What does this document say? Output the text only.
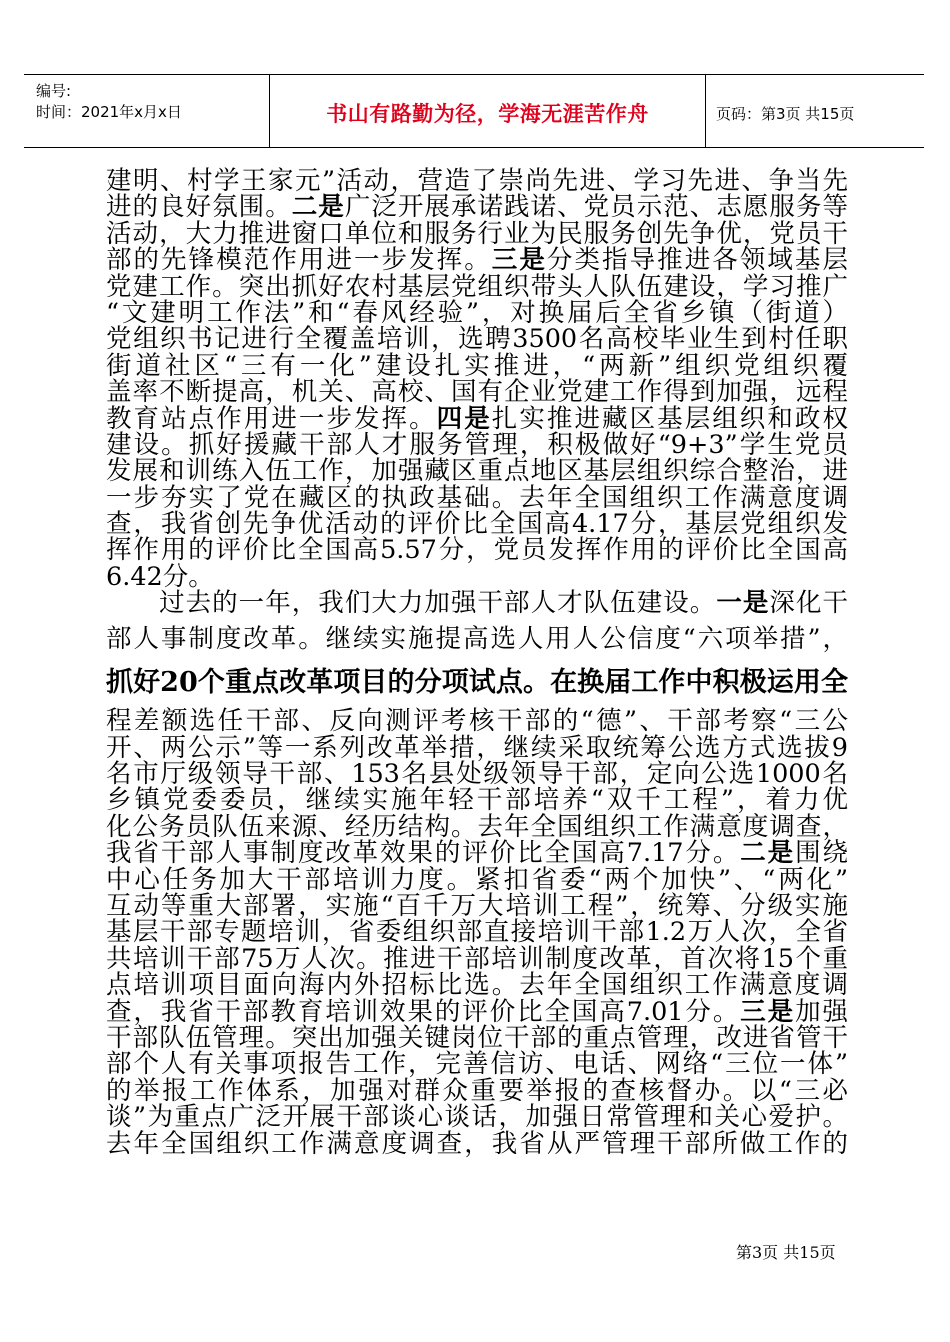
编号:
时间：2021年x月x日	书山有路勤为径，学海无涯苦作舟	页码：第3页 共15页
建明、村学王家元”活动，营造了崇尚先进、学习先进、争当先
进的良好氛围。二是广泛开展承诺践诺、党员示范、志愿服务等
活动，大力推进窗口单位和服务行业为民服务创先争优，党员干
部的先锋模范作用进一步发挥。三是分类指导推进各领域基层
党建工作。突出抓好农村基层党组织带头人队伍建设，学习推广
“文建明工作法”和“春风经验”，对换届后全省乡镇（街道）
党组织书记进行全覆盖培训，选聘3500名高校毕业生到村任职
街道社区“三有一化”建设扎实推进，“两新”组织党组织覆
盖率不断提高，机关、高校、国有企业党建工作得到加强，远程
教育站点作用进一步发挥。四是扎实推进藏区基层组织和政权
建设。抓好援藏干部人才服务管理，积极做好“9+3”学生党员
发展和训练入伍工作，加强藏区重点地区基层组织综合整治，进
一步夯实了党在藏区的执政基础。去年全国组织工作满意度调
查，我省创先争优活动的评价比全国高4.17分，基层党组织发
挥作用的评价比全国高5.57分，党员发挥作用的评价比全国高
6.42分。
　　过去的一年，我们大力加强干部人才队伍建设。一是深化干
部人事制度改革。继续实施提高选人用人公信度“六项举措”，
抓好20个重点改革项目的分项试点。在换届工作中积极运用全
程差额选任干部、反向测评考核干部的“德”、干部考察“三公
开、两公示”等一系列改革举措，继续采取统筹公选方式选拔9
名市厅级领导干部、153名县处级领导干部，定向公选1000名
乡镇党委委员，继续实施年轻干部培养“双千工程”，着力优
化公务员队伍来源、经历结构。去年全国组织工作满意度调查，
我省干部人事制度改革效果的评价比全国高7.17分。二是围绕
中心任务加大干部培训力度。紧扣省委“两个加快”、“两化”
互动等重大部署，实施“百千万大培训工程”，统筹、分级实施
基层干部专题培训，省委组织部直接培训干部1.2万人次，全省
共培训干部75万人次。推进干部培训制度改革，首次将15个重
点培训项目面向海内外招标比选。去年全国组织工作满意度调
查，我省干部教育培训效果的评价比全国高7.01分。三是加强
干部队伍管理。突出加强关键岗位干部的重点管理，改进省管干
部个人有关事项报告工作，完善信访、电话、网络“三位一体”
的举报工作体系，加强对群众重要举报的查核督办。以“三必
谈”为重点广泛开展干部谈心谈话，加强日常管理和关心爱护。
去年全国组织工作满意度调查，我省从严管理干部所做工作的
第3页 共15页
